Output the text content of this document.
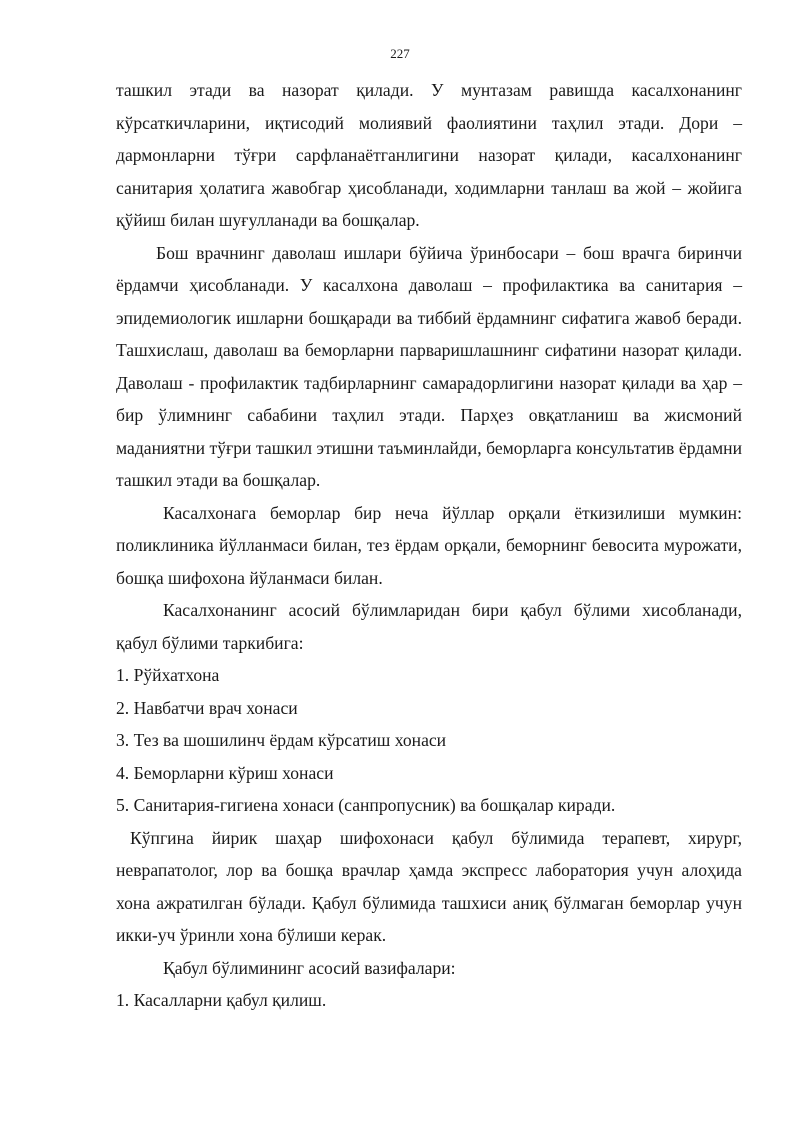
227

ташкил этади ва назорат қилади. У мунтазам равишда касалхонанинг кўрсаткичларини, иқтисодий молиявий фаолиятини таҳлил этади. Дори – дармонларни тўғри сарфланаётганлигини назорат қилади, касалхонанинг санитария ҳолатига жавобгар ҳисобланади, ходимларни танлаш ва жой – жойига қўйиш билан шуғулланади ва бошқалар.

Бош врачнинг даволаш ишлари бўйича ўринбосари – бош врачга биринчи ёрдамчи ҳисобланади. У касалхона даволаш – профилактика ва санитария – эпидемиологик ишларни бошқаради ва тиббий ёрдамнинг сифатига жавоб беради. Ташхислаш, даволаш ва беморларни парваришлашнинг сифатини назорат қилади. Даволаш - профилактик тадбирларнинг самарадорлигини назорат қилади ва ҳар – бир ўлимнинг сабабини таҳлил этади. Парҳез овқатланиш ва жисмоний маданиятни тўғри ташкил этишни таъминлайди, беморларга консультатив ёрдамни ташкил этади ва бошқалар.

Касалхонага беморлар бир неча йўллар орқали ёткизилиши мумкин: поликлиника йўлланмаси билан, тез ёрдам орқали, беморнинг бевосита мурожати, бошқа шифохона йўланмаси билан.

Касалхонанинг асосий бўлимларидан бири қабул бўлими хисобланади, қабул бўлими таркибига:

1. Рўйхатхона

2. Навбатчи врач хонаси

3. Тез ва шошилинч ёрдам кўрсатиш хонаси

4. Беморларни кўриш хонаси

5. Санитария-гигиена хонаси (санпропусник) ва бошқалар киради.

Кўпгина йирик шаҳар шифохонаси қабул бўлимида терапевт, хирург, неврапатолог, лор ва бошқа врачлар ҳамда экспресс лаборатория учун алоҳида хона ажратилган бўлади. Қабул бўлимида ташхиси аниқ бўлмаган беморлар учун икки-уч ўринли хона бўлиши керак.

Қабул бўлимининг асосий вазифалари:

1. Касалларни қабул қилиш.
